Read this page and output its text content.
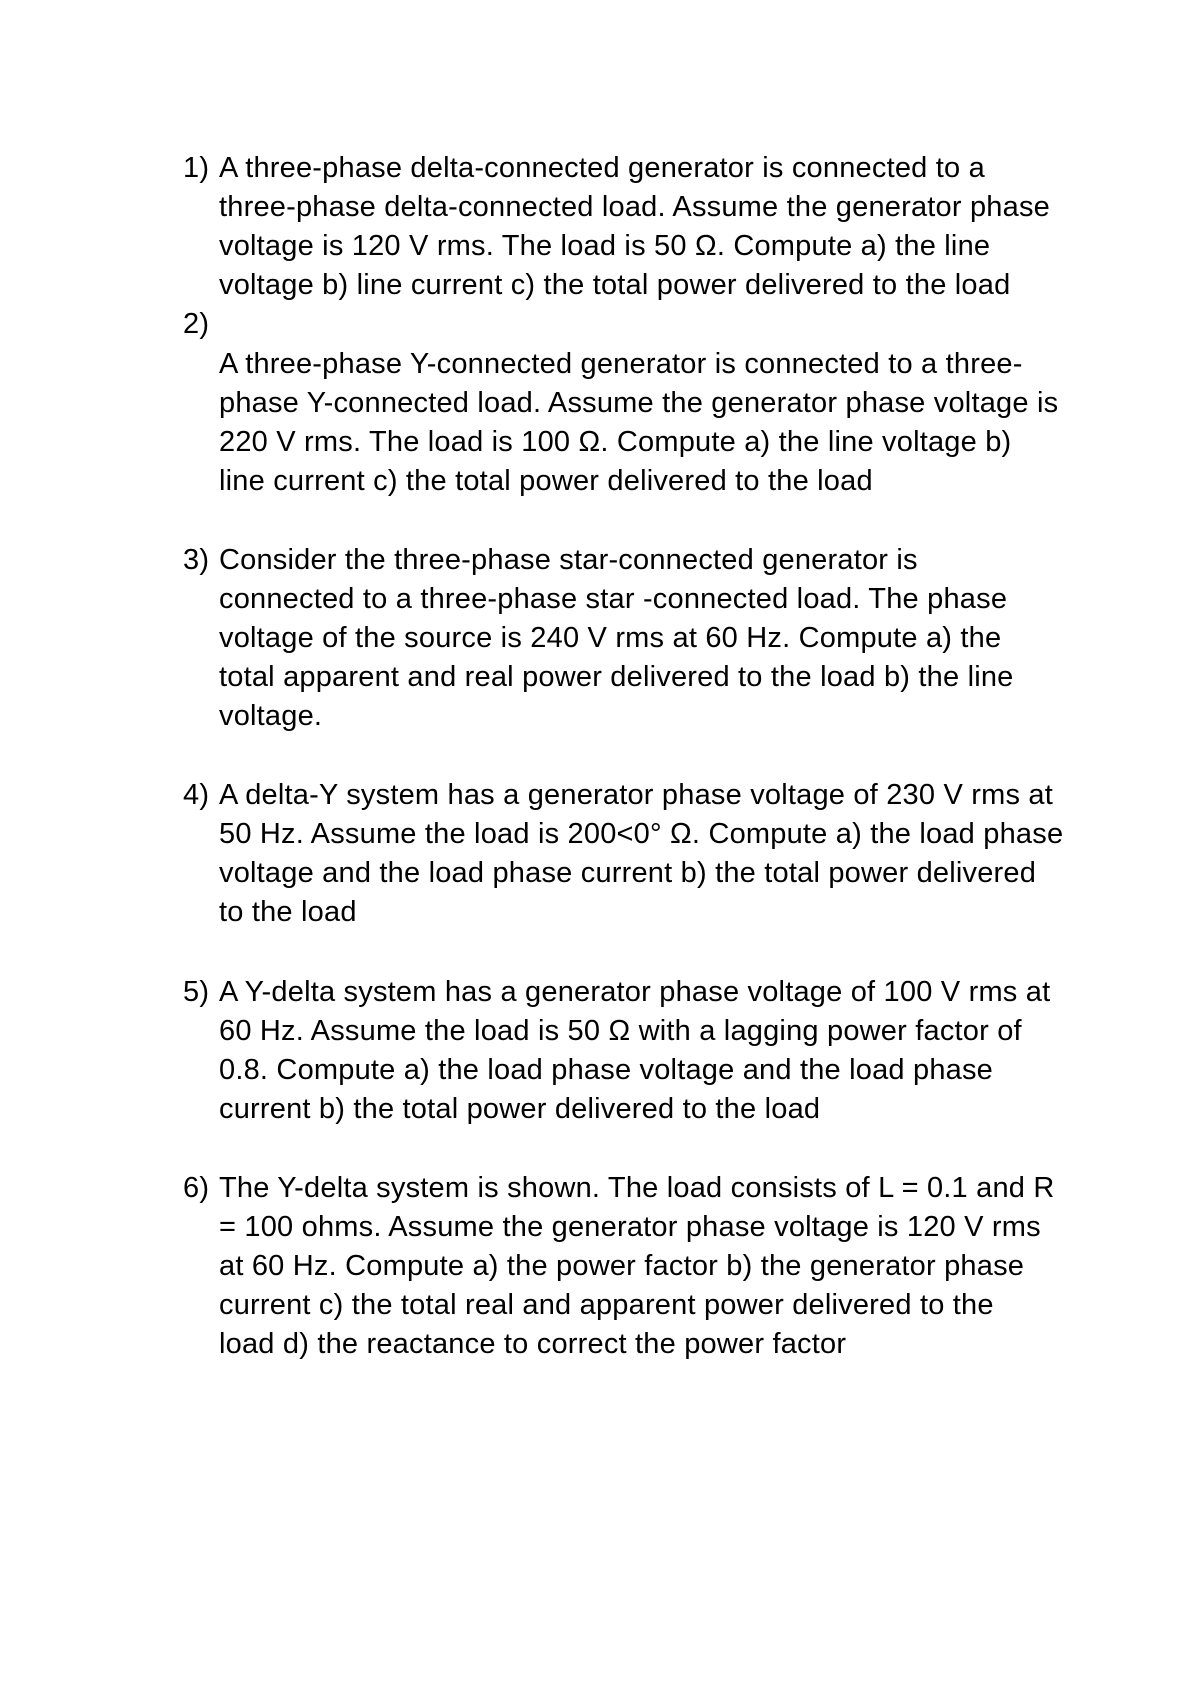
1) A three-phase delta-connected generator is connected to a
three-phase delta-connected load. Assume the generator phase
voltage is 120 V rms. The load is 50 Ω. Compute a) the line
voltage b) line current c) the total power delivered to the load
2)
A three-phase Y-connected generator is connected to a three-
phase Y-connected load. Assume the generator phase voltage is
220 V rms. The load is 100 Ω. Compute a) the line voltage b)
line current c) the total power delivered to the load
3) Consider the three-phase star-connected generator is
connected to a three-phase star -connected load. The phase
voltage of the source is 240 V rms at 60 Hz. Compute a) the
total apparent and real power delivered to the load b) the line
voltage.
4) A delta-Y system has a generator phase voltage of 230 V rms at
50 Hz. Assume the load is 200<0° Ω. Compute a) the load phase
voltage and the load phase current b) the total power delivered
to the load
5) A Y-delta system has a generator phase voltage of 100 V rms at
60 Hz. Assume the load is 50 Ω with a lagging power factor of
0.8. Compute a) the load phase voltage and the load phase
current b) the total power delivered to the load
6) The Y-delta system is shown. The load consists of L = 0.1 and R
= 100 ohms. Assume the generator phase voltage is 120 V rms
at 60 Hz. Compute a) the power factor b) the generator phase
current c) the total real and apparent power delivered to the
load d) the reactance to correct the power factor
